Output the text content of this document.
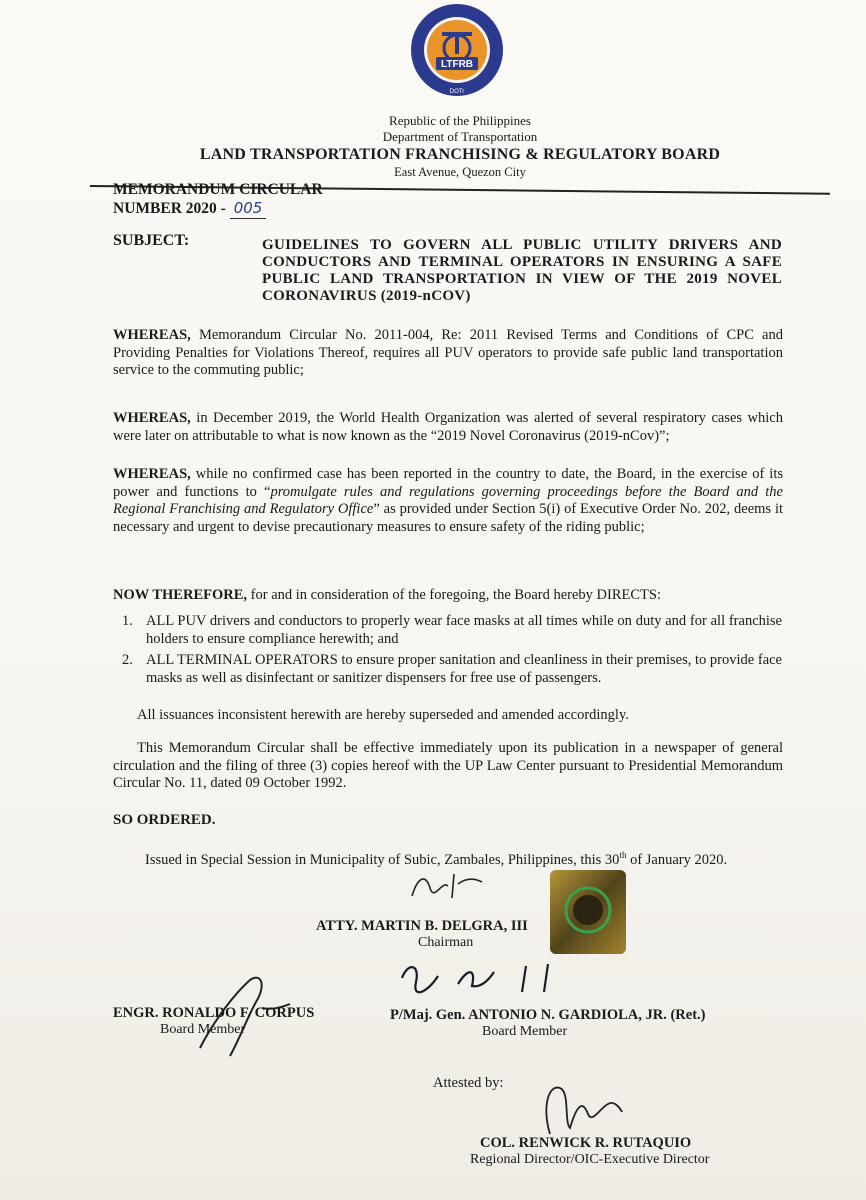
LTFRB
DOTr
Republic of the Philippines
Department of Transportation
LAND TRANSPORTATION FRANCHISING & REGULATORY BOARD
East Avenue, Quezon City
MEMORANDUM CIRCULAR
NUMBER 2020 - 005
SUBJECT:	GUIDELINES TO GOVERN ALL PUBLIC UTILITY DRIVERS AND CONDUCTORS AND TERMINAL OPERATORS IN ENSURING A SAFE PUBLIC LAND TRANSPORTATION IN VIEW OF THE 2019 NOVEL CORONAVIRUS (2019-nCOV)
WHEREAS, Memorandum Circular No. 2011-004, Re: 2011 Revised Terms and Conditions of CPC and Providing Penalties for Violations Thereof, requires all PUV operators to provide safe public land transportation service to the commuting public;
WHEREAS, in December 2019, the World Health Organization was alerted of several respiratory cases which were later on attributable to what is now known as the “2019 Novel Coronavirus (2019-nCov)”;
WHEREAS, while no confirmed case has been reported in the country to date, the Board, in the exercise of its power and functions to “promulgate rules and regulations governing proceedings before the Board and the Regional Franchising and Regulatory Office” as provided under Section 5(i) of Executive Order No. 202, deems it necessary and urgent to devise precautionary measures to ensure safety of the riding public;
NOW THEREFORE, for and in consideration of the foregoing, the Board hereby DIRECTS:
1. ALL PUV drivers and conductors to properly wear face masks at all times while on duty and for all franchise holders to ensure compliance herewith; and
2. ALL TERMINAL OPERATORS to ensure proper sanitation and cleanliness in their premises, to provide face masks as well as disinfectant or sanitizer dispensers for free use of passengers.
All issuances inconsistent herewith are hereby superseded and amended accordingly.
This Memorandum Circular shall be effective immediately upon its publication in a newspaper of general circulation and the filing of three (3) copies hereof with the UP Law Center pursuant to Presidential Memorandum Circular No. 11, dated 09 October 1992.
SO ORDERED.
Issued in Special Session in Municipality of Subic, Zambales, Philippines, this 30th of January 2020.
ATTY. MARTIN B. DELGRA, III
Chairman
ENGR. RONALDO F. CORPUS
Board Member
P/Maj. Gen. ANTONIO N. GARDIOLA, JR. (Ret.)
Board Member
Attested by:
COL. RENWICK R. RUTAQUIO
Regional Director/OIC-Executive Director
